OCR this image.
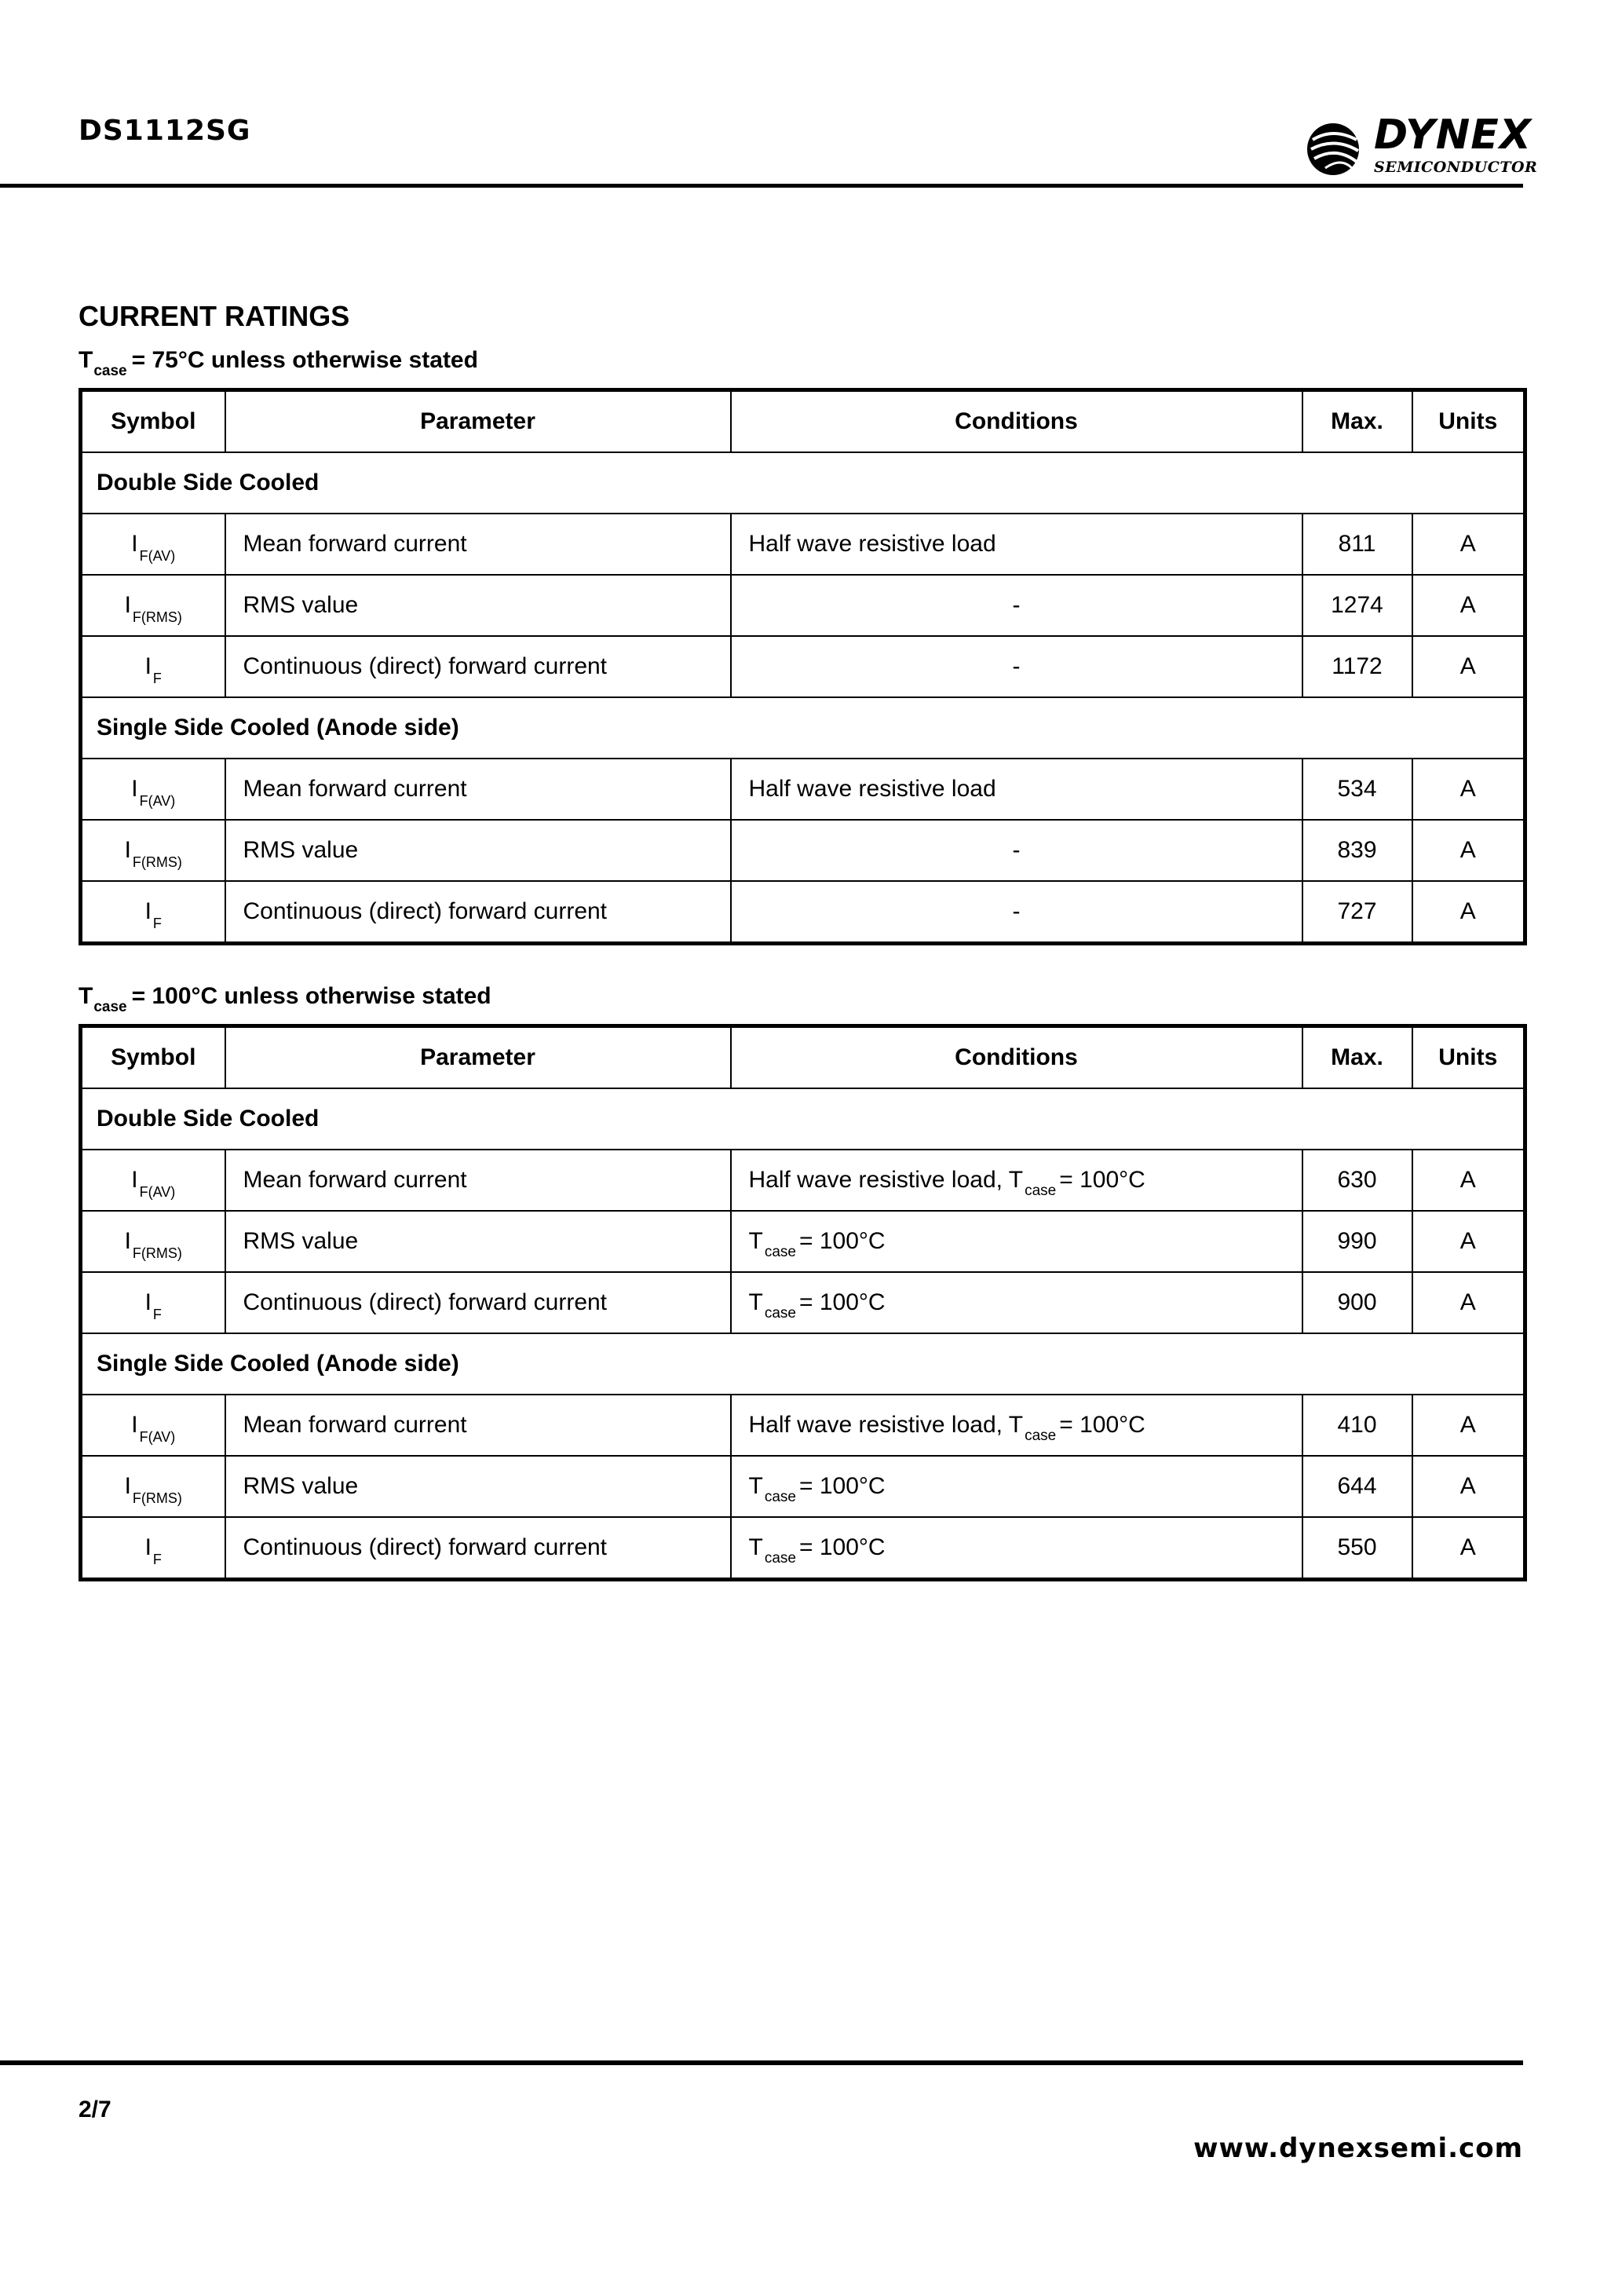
DS1112SG	DYNEX
SEMICONDUCTOR
CURRENT RATINGS
$T_{case} = 75^\circ C$ unless otherwise stated
Symbol	Parameter	Conditions	Max.	Units
Double Side Cooled				
I $_{F(AV)}$	Mean forward current	Half wave resistive load	811	A
I $_{F(RMS)}$	RMS value	-	1274	A
I $_F$	Continuous (direct) forward current	-	1172	A
Single Side Cooled (Anode side)				
I $_{F(AV)}$	Mean forward current	Half wave resistive load	534	A
I $_{F(RMS)}$	RMS value	-	839	A
I $_F$	Continuous (direct) forward current	-	727	A
$T_{case} = 100^\circ C$ unless otherwise stated
Symbol	Parameter	Conditions	Max.	Units
Double Side Cooled				
I $_{F(AV)}$	Mean forward current	Half wave resistive load, T $_{case}$ = 100°C	630	A
I $_{F(RMS)}$	RMS value	T $_{case}$ = 100°C	990	A
I $_F$	Continuous (direct) forward current	T $_{case}$ = 100°C	900	A
Single Side Cooled (Anode side)				
I $_{F(AV)}$	Mean forward current	Half wave resistive load, T $_{case}$ = 100°C	410	A
I $_{F(RMS)}$	RMS value	T $_{case}$ = 100°C	644	A
I $_F$	Continuous (direct) forward current	T $_{case}$ = 100°C	550	A
2/7
www.dynexsemi.com
